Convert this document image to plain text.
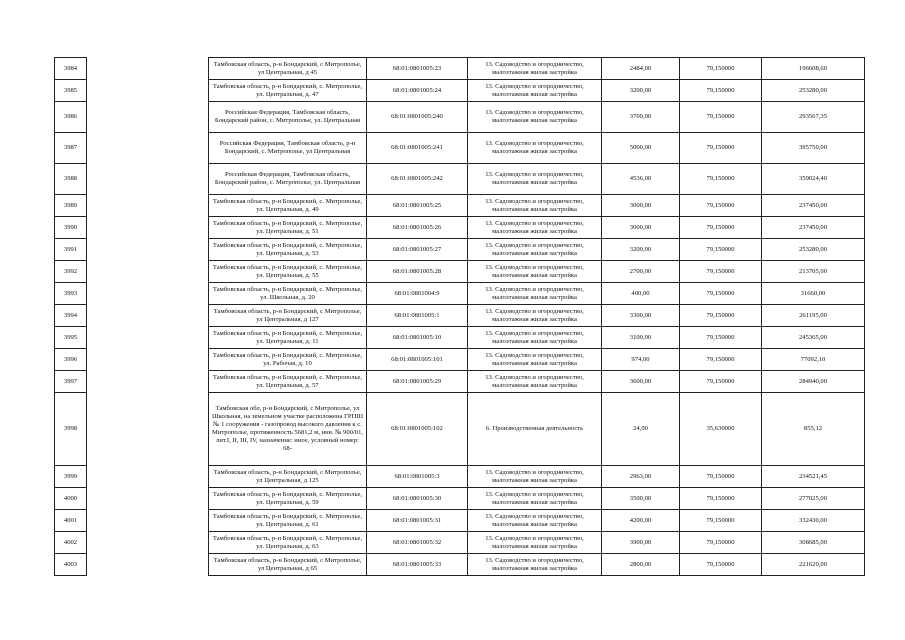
3984		Тамбовская область, р-н Бондарский, с Митрополье, ул Центральная, д 45	68:01:0801005:23	13. Садоводство и огородничество, малоэтажная жилая застройка	2484,00	79,150000	196608,60
3985		Тамбовская область, р-н Бондарский, с. Митрополье, ул. Центральная, д. 47	68:01:0801005:24	13. Садоводство и огородничество, малоэтажная жилая застройка	3200,00	79,150000	253280,00
3986		Российская Федерация, Тамбовская область, Бондарский район, с. Митрополье, ул. Центральная	68:01:0801005:240	13. Садоводство и огородничество, малоэтажная жилая застройка	3709,00	79,150000	293567,35
3987		Российская Федерация, Тамбовская область, р-н Бондарский, с. Митрополье, ул Центральная	68:01:0801005:241	13. Садоводство и огородничество, малоэтажная жилая застройка	5000,00	79,150000	395750,00
3988		Российская Федерация, Тамбовская область, Бондарский район, с. Митрополье, ул. Центральная	68:01:0801005:242	13. Садоводство и огородничество, малоэтажная жилая застройка	4536,00	79,150000	359024,40
3989		Тамбовская область, р-н Бондарский, с. Митрополье, ул. Центральная, д. 49	68:01:0801005:25	13. Садоводство и огородничество, малоэтажная жилая застройка	3000,00	79,150000	237450,00
3990		Тамбовская область, р-н Бондарский, с. Митрополье, ул. Центральная, д. 51	68:01:0801005:26	13. Садоводство и огородничество, малоэтажная жилая застройка	3000,00	79,150000	237450,00
3991		Тамбовская область, р-н Бондарский, с. Митрополье, ул. Центральная, д. 53	68:01:0801005:27	13. Садоводство и огородничество, малоэтажная жилая застройка	3200,00	79,150000	253280,00
3992		Тамбовская область, р-н Бондарский, с. Митрополье, ул. Центральная, д. 55	68:01:0801005:28	13. Садоводство и огородничество, малоэтажная жилая застройка	2700,00	79,150000	213705,00
3993		Тамбовская область, р-н Бондарский, с. Митрополье, ул. Школьная, д. 20	68:01:0801004:9	13. Садоводство и огородничество, малоэтажная жилая застройка	400,00	79,150000	31660,00
3994		Тамбовская область, р-н Бондарский, с Митрополье, ул Центральная, д 127	68:01:0801005:1	13. Садоводство и огородничество, малоэтажная жилая застройка	3300,00	79,150000	261195,00
3995		Тамбовская область, р-н Бондарский, с. Митрополье, ул. Центральная, д. 11	68:01:0801005:10	13. Садоводство и огородничество, малоэтажная жилая застройка	3100,00	79,150000	245365,00
3996		Тамбовская область, р-н Бондарский, с. Митрополье, ул. Рабочая, д. 10	68:01:0801005:101	13. Садоводство и огородничество, малоэтажная жилая застройка	974,00	79,150000	77092,10
3997		Тамбовская область, р-н Бондарский, с. Митрополье, ул. Центральная, д. 57	68:01:0801005:29	13. Садоводство и огородничество, малоэтажная жилая застройка	3600,00	79,150000	284940,00
3998		Тамбовская обл, р-н Бондарский, с Митрополье, ул Школьная, на земельном участке расположена ГРПШ № 1 сооружения - газопровод высокого давления к с. Митрополье, протяженность 5681,2 м, инв. № 900/01, лит.I, II, III, IV, назначение: иное, условный номер: 68-	68:01:0801005:102	6. Производственная деятельность	24,00	35,630000	855,12
3999		Тамбовская область, р-н Бондарский, с Митрополье, ул Центральная, д 125	68:01:0801005:3	13. Садоводство и огородничество, малоэтажная жилая застройка	2963,00	79,150000	234521,45
4000		Тамбовская область, р-н Бондарский, с. Митрополье, ул. Центральная, д. 59	68:01:0801005:30	13. Садоводство и огородничество, малоэтажная жилая застройка	3500,00	79,150000	277025,00
4001		Тамбовская область, р-н Бондарский, с. Митрополье, ул. Центральная, д. 61	68:01:0801005:31	13. Садоводство и огородничество, малоэтажная жилая застройка	4200,00	79,150000	332430,00
4002		Тамбовская область, р-н Бондарский, с. Митрополье, ул. Центральная, д. 63	68:01:0801005:32	13. Садоводство и огородничество, малоэтажная жилая застройка	3900,00	79,150000	308685,00
4003		Тамбовская область, р-н Бондарский, с Митрополье, ул Центральная, д 65	68:01:0801005:33	13. Садоводство и огородничество, малоэтажная жилая застройка	2800,00	79,150000	221620,00
